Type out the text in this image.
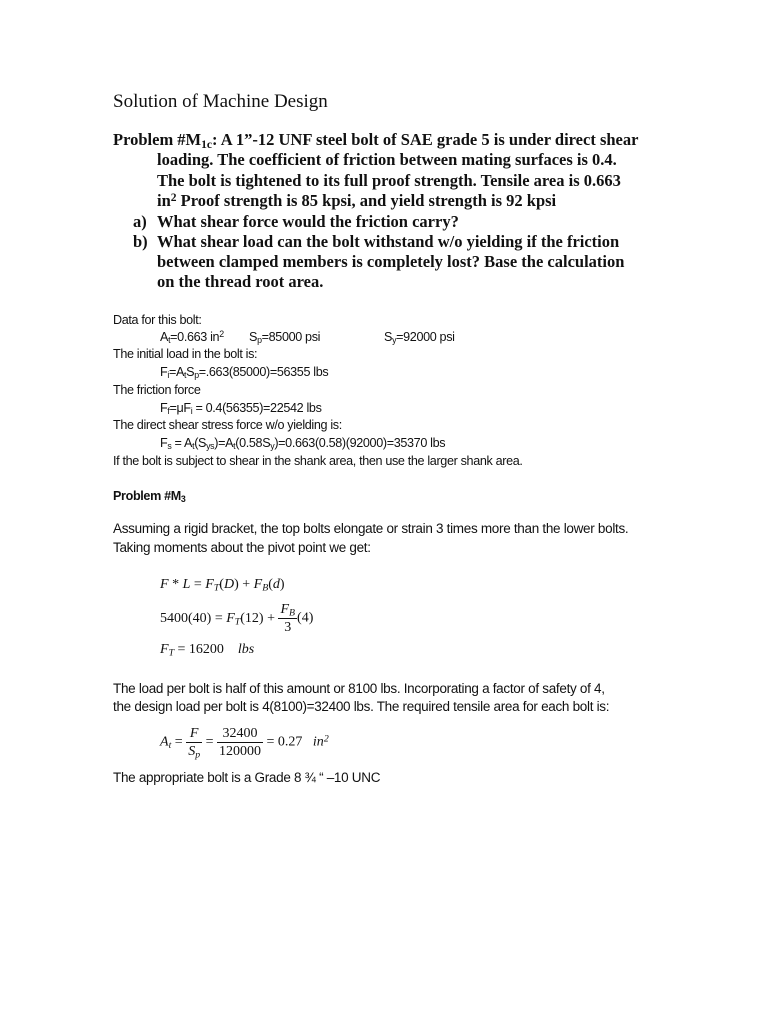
Solution of Machine Design
Problem $\#M_{1c}$: A 1”-12 UNF steel bolt of SAE grade 5 is under direct shear
loading. The coefficient of friction between mating surfaces is 0.4.
The bolt is tightened to its full proof strength. Tensile area is 0.663
$in^2$ Proof strength is 85 kpsi, and yield strength is 92 kpsi
a) What shear force would the friction carry?
b) What shear load can the bolt withstand w/o yielding if the friction
between clamped members is completely lost? Base the calculation
on the thread root area.
Data for this bolt:
$A_t=0.663$ $in^2$ $S_p=85000$ psi	$S_y=92000$ psi
The initial load in the bolt is:
$F_i=A_tS_p=.663(85000)=56355$ lbs
The friction force
$F_f=\mu F_i = 0.4(56355)=22542$ lbs
The direct shear stress force w/o yielding is:
$F_s = A_t(S_{ys})=A_t(0.58S_y)=0.663(0.58)(92000)=35370$ lbs
If the bolt is subject to shear in the shank area, then use the larger shank area.
Problem $\#M_3$
Assuming a rigid bracket, the top bolts elongate or strain 3 times more than the lower bolts.
Taking moments about the pivot point we get:
$F * L = F_T(D) + F_B(d)$
$5400(40) = F_T(12) + \frac{F_B}{3} (4)$
$F_T = 16200$ lbs
The load per bolt is half of this amount or 8100 lbs. Incorporating a factor of safety of 4,
the design load per bolt is 4(8100)=32400 lbs. The required tensile area for each bolt is:
$A_t = \frac{F}{S_p} = \frac{32400}{120000} = 0.27$ $in^2$
The appropriate bolt is a Grade 8 ¾ “ –10 UNC
